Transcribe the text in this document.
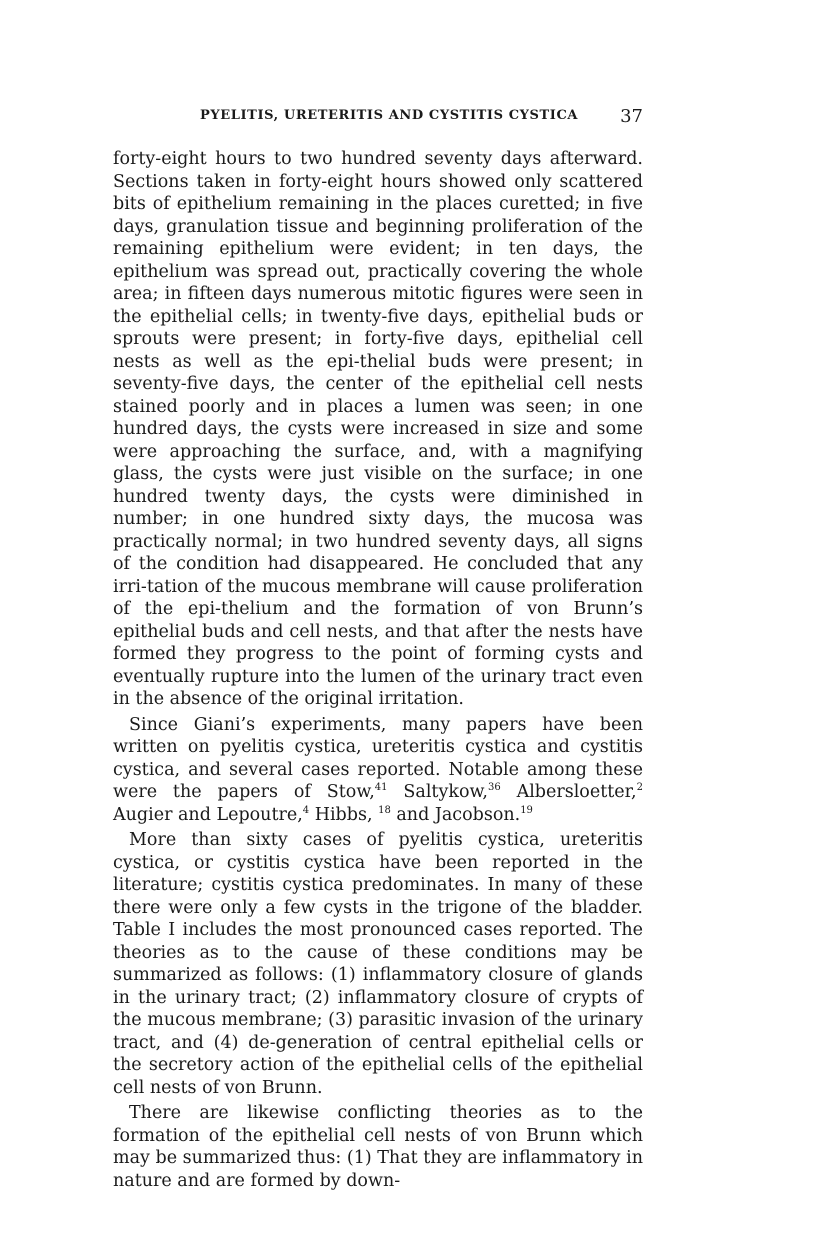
PYELITIS, URETERITIS AND CYSTITIS CYSTICA 37

forty-eight hours to two hundred seventy days afterward. Sections taken in forty-eight hours showed only scattered bits of epithelium remaining in the places curetted; in five days, granulation tissue and beginning proliferation of the remaining epithelium were evident; in ten days, the epithelium was spread out, practically covering the whole area; in fifteen days numerous mitotic figures were seen in the epithelial cells; in twenty-five days, epithelial buds or sprouts were present; in forty-five days, epithelial cell nests as well as the epi-thelial buds were present; in seventy-five days, the center of the epithelial cell nests stained poorly and in places a lumen was seen; in one hundred days, the cysts were increased in size and some were approaching the surface, and, with a magnifying glass, the cysts were just visible on the surface; in one hundred twenty days, the cysts were diminished in number; in one hundred sixty days, the mucosa was practically normal; in two hundred seventy days, all signs of the condition had disappeared. He concluded that any irri-tation of the mucous membrane will cause proliferation of the epi-thelium and the formation of von Brunn’s epithelial buds and cell nests, and that after the nests have formed they progress to the point of forming cysts and eventually rupture into the lumen of the urinary tract even in the absence of the original irritation.

Since Giani’s experiments, many papers have been written on pyelitis cystica, ureteritis cystica and cystitis cystica, and several cases reported. Notable among these were the papers of Stow,$^{41}$ Saltykow,$^{36}$ Albersloetter,$^2$ Augier and Lepoutre,$^4$ Hibbs, $^{18}$ and Jacobson.$^{19}$

More than sixty cases of pyelitis cystica, ureteritis cystica, or cystitis cystica have been reported in the literature; cystitis cystica predominates. In many of these there were only a few cysts in the trigone of the bladder. Table I includes the most pronounced cases reported. The theories as to the cause of these conditions may be summarized as follows: (1) inflammatory closure of glands in the urinary tract; (2) inflammatory closure of crypts of the mucous membrane; (3) parasitic invasion of the urinary tract, and (4) de-generation of central epithelial cells or the secretory action of the epithelial cells of the epithelial cell nests of von Brunn.

There are likewise conflicting theories as to the formation of the epithelial cell nests of von Brunn which may be summarized thus: (1) That they are inflammatory in nature and are formed by down-
